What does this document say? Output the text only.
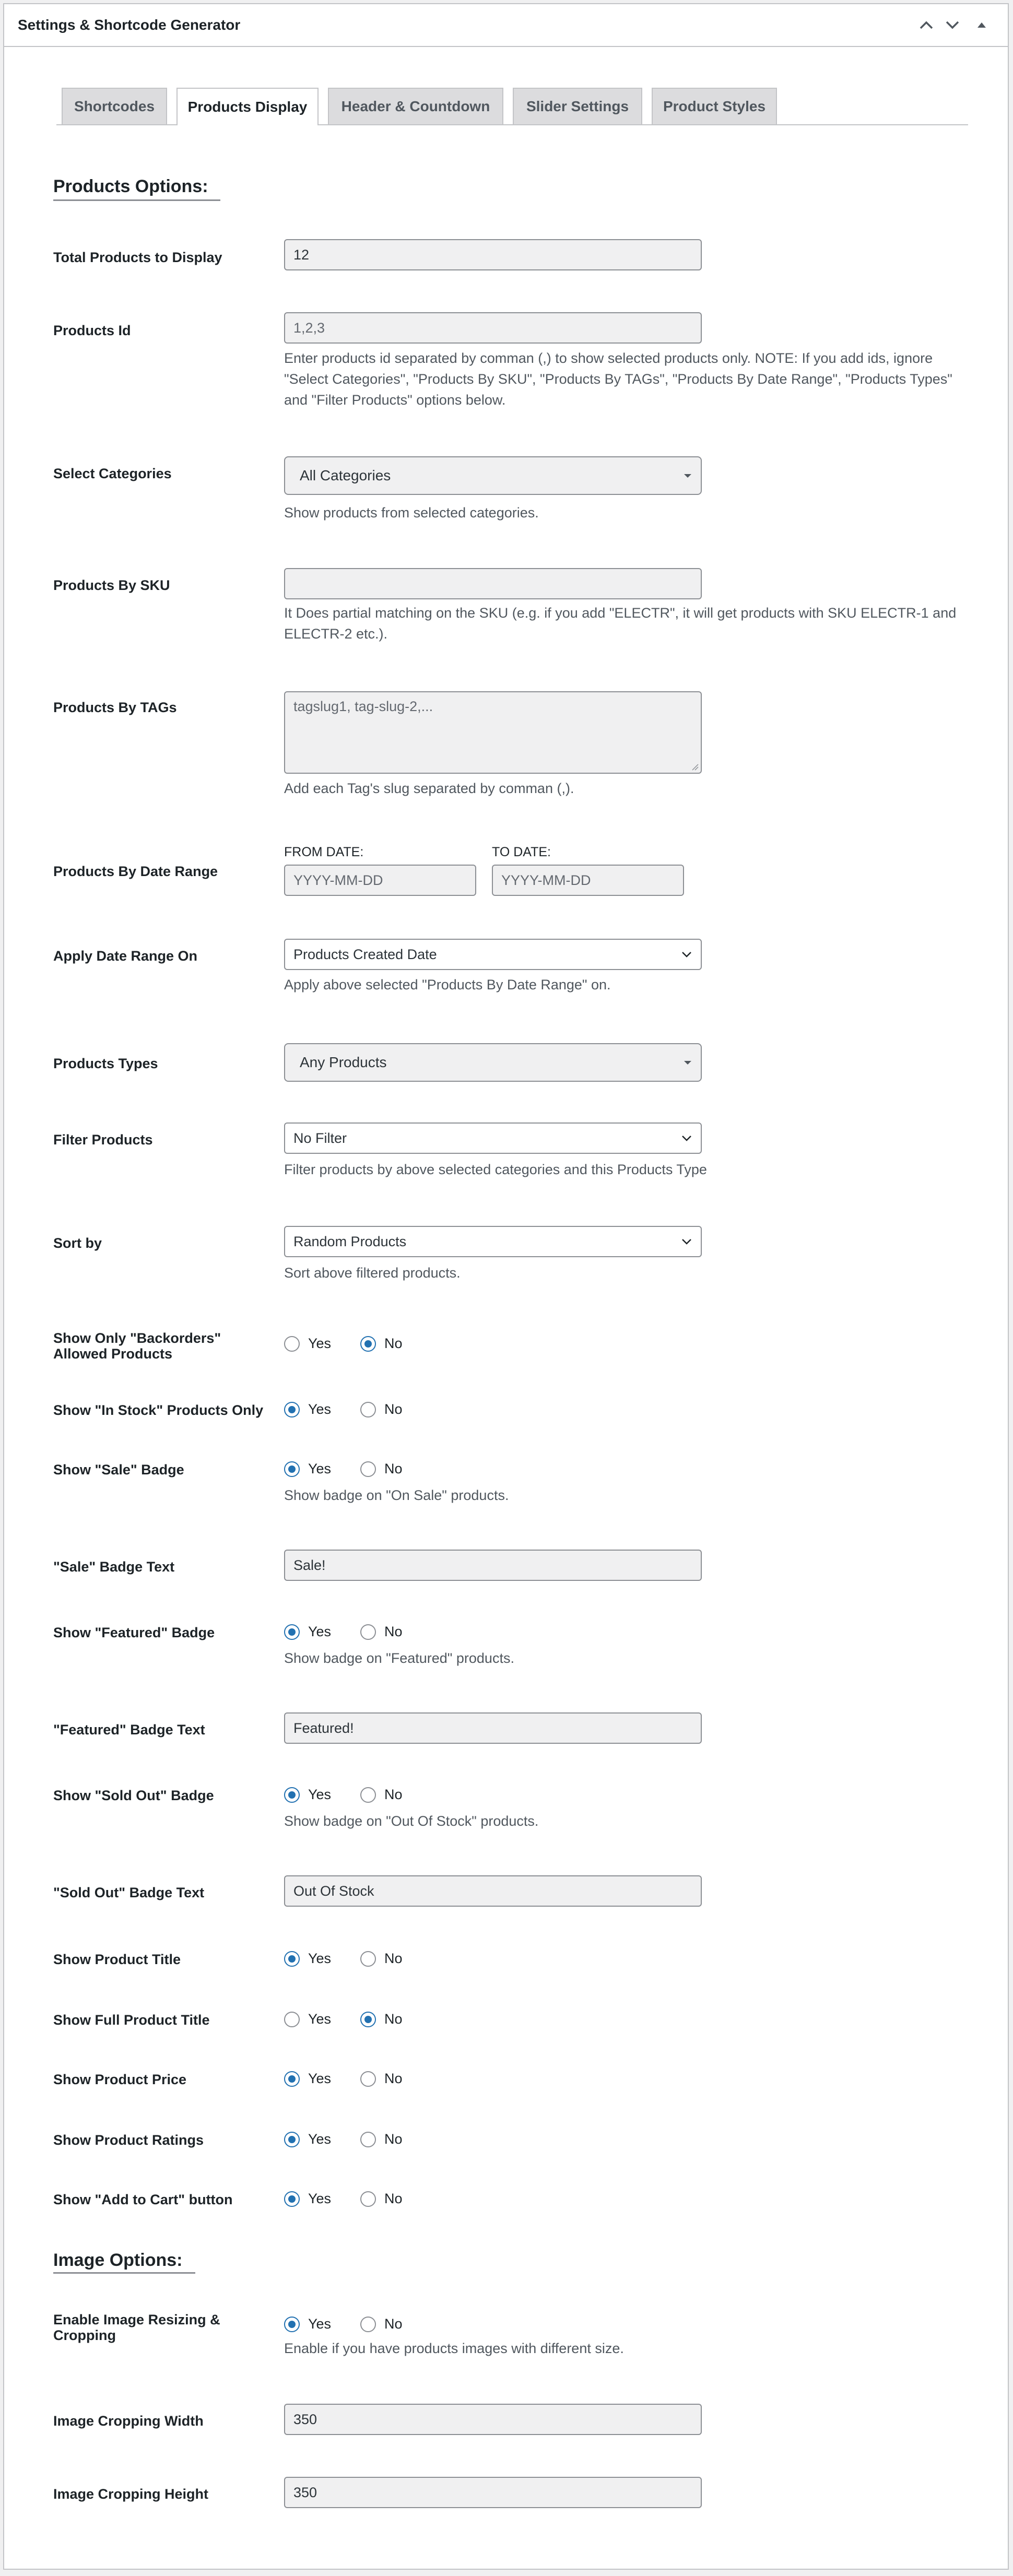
Settings & Shortcode Generator
Shortcodes	Products Display	Header & Countdown	Slider Settings	Product Styles
Products Options:
Total Products to Display	12
Products Id	1,2,3
Enter products id separated by comman (,) to show selected products only. NOTE: If you add ids, ignore "Select Categories", "Products By SKU", "Products By TAGs", "Products By Date Range", "Products Types" and "Filter Products" options below.
Select Categories	All Categories
Show products from selected categories.
Products By SKU
It Does partial matching on the SKU (e.g. if you add "ELECTR", it will get products with SKU ELECTR-1 and ELECTR-2 etc.).
Products By TAGs	tagslug1, tag-slug-2,...
Add each Tag's slug separated by comman (,).
Products By Date Range
FROM DATE:	TO DATE:
YYYY-MM-DD	YYYY-MM-DD
Apply Date Range On	Products Created Date
Apply above selected "Products By Date Range" on.
Products Types	Any Products
Filter Products	No Filter
Filter products by above selected categories and this Products Type
Sort by	Random Products
Sort above filtered products.
Show Only "Backorders" Allowed Products
Yes	No
Show "In Stock" Products Only	Yes	No
Show "Sale" Badge	Yes	No
Show badge on "On Sale" products.
"Sale" Badge Text	Sale!
Show "Featured" Badge	Yes	No
Show badge on "Featured" products.
"Featured" Badge Text	Featured!
Show "Sold Out" Badge	Yes	No
Show badge on "Out Of Stock" products.
"Sold Out" Badge Text	Out Of Stock
Show Product Title	Yes	No
Show Full Product Title	Yes	No
Show Product Price	Yes	No
Show Product Ratings	Yes	No
Show "Add to Cart" button	Yes	No
Image Options:
Enable Image Resizing & Cropping
Yes	No
Enable if you have products images with different size.
Image Cropping Width	350
Image Cropping Height	350
